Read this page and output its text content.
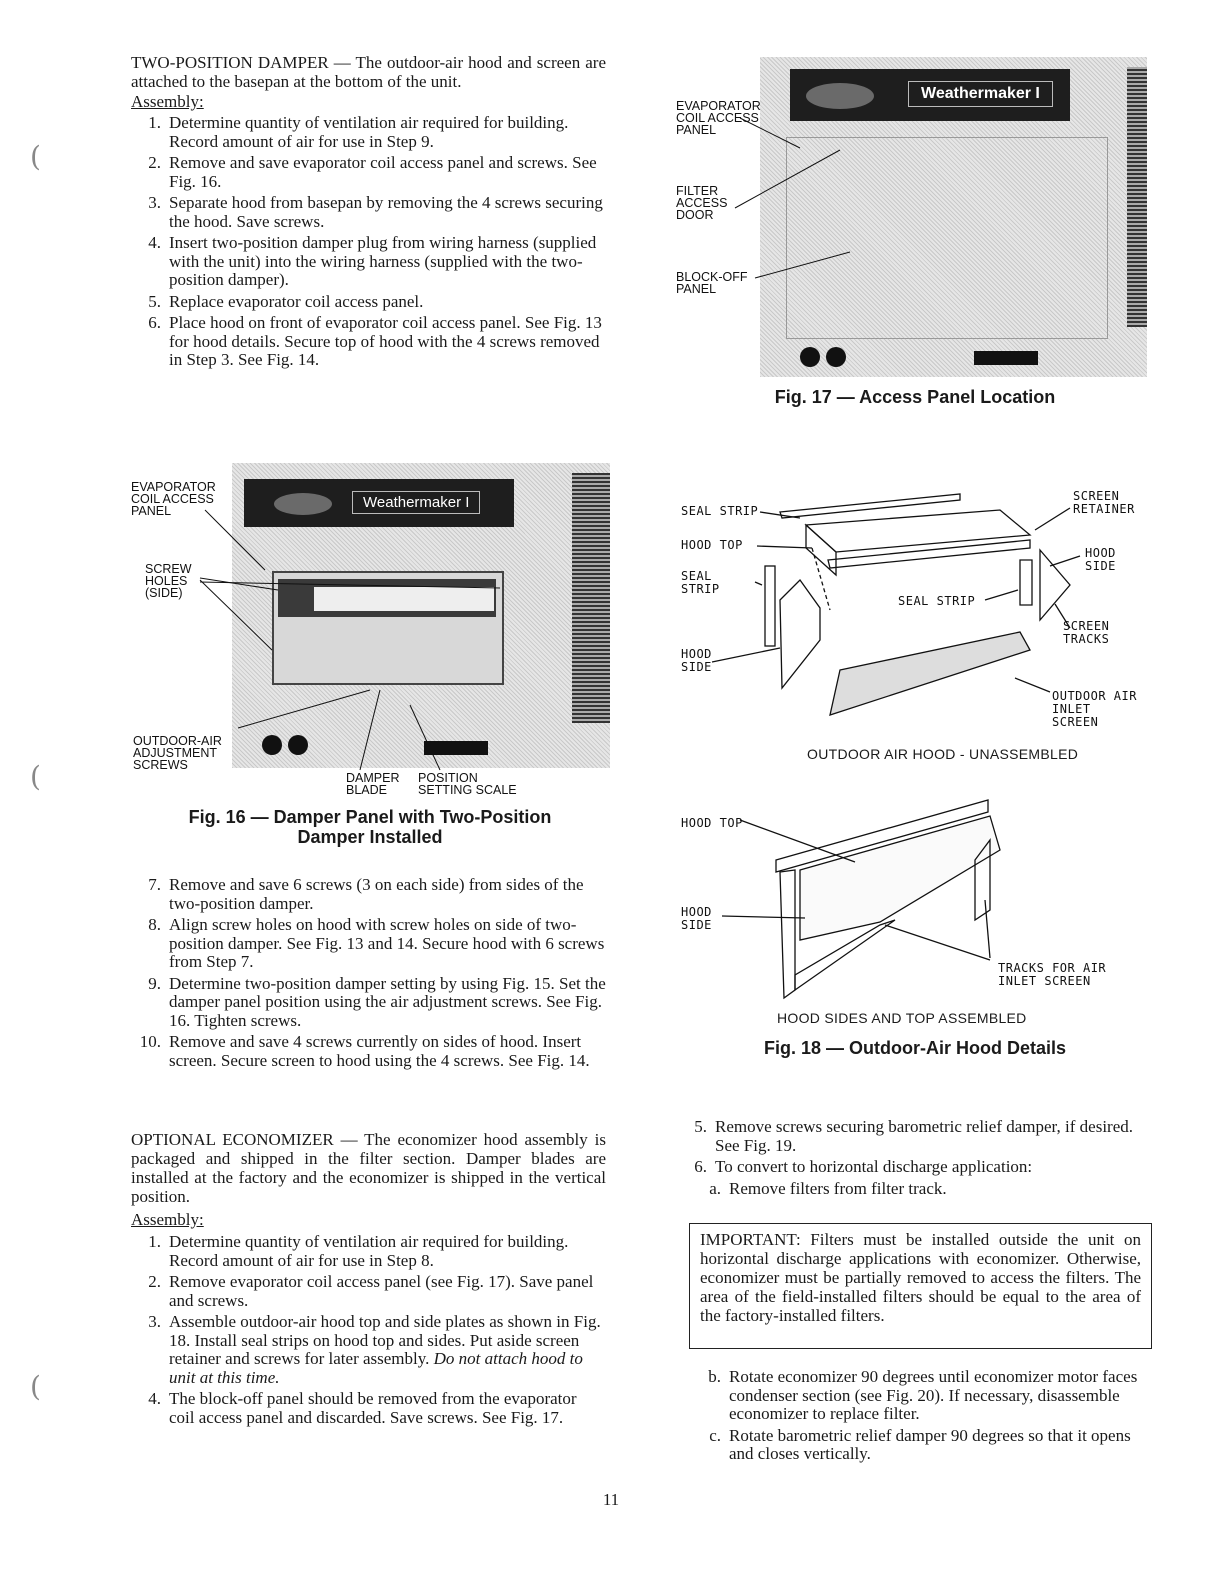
TWO-POSITION DAMPER — The outdoor-air hood and screen are attached to the basepan at the bottom of the unit.

Assembly:
1. Determine quantity of ventilation air required for building. Record amount of air for use in Step 9.
2. Remove and save evaporator coil access panel and screws. See Fig. 16.
3. Separate hood from basepan by removing the 4 screws securing the hood. Save screws.
4. Insert two-position damper plug from wiring harness (supplied with the unit) into the wiring harness (supplied with the two-position damper).
5. Replace evaporator coil access panel.
6. Place hood on front of evaporator coil access panel. See Fig. 13 for hood details. Secure top of hood with the 4 screws removed in Step 3. See Fig. 14.
Weathermaker I
EVAPORATOR
COIL ACCESS
PANEL
SCREW
HOLES
(SIDE)
OUTDOOR-AIR
ADJUSTMENT
SCREWS
DAMPER
BLADE
POSITION
SETTING SCALE
Fig. 16 — Damper Panel with Two-Position Damper Installed
7. Remove and save 6 screws (3 on each side) from sides of the two-position damper.
8. Align screw holes on hood with screw holes on side of two-position damper. See Fig. 13 and 14. Secure hood with 6 screws from Step 7.
9. Determine two-position damper setting by using Fig. 15. Set the damper panel position using the air adjustment screws. See Fig. 16. Tighten screws.
10. Remove and save 4 screws currently on sides of hood. Insert screen. Secure screen to hood using the 4 screws. See Fig. 14.

OPTIONAL ECONOMIZER — The economizer hood assembly is packaged and shipped in the filter section. Damper blades are installed at the factory and the economizer is shipped in the vertical position.

Assembly:
1. Determine quantity of ventilation air required for building. Record amount of air for use in Step 8.
2. Remove evaporator coil access panel (see Fig. 17). Save panel and screws.
3. Assemble outdoor-air hood top and side plates as shown in Fig. 18. Install seal strips on hood top and sides. Put aside screen retainer and screws for later assembly. Do not attach hood to unit at this time.
4. The block-off panel should be removed from the evaporator coil access panel and discarded. Save screws. See Fig. 17.
Weathermaker I
EVAPORATOR
COIL ACCESS
PANEL
FILTER
ACCESS
DOOR
BLOCK-OFF
PANEL
Fig. 17 — Access Panel Location
SEAL STRIP
HOOD TOP
SEAL
STRIP
HOOD
SIDE
SCREEN
RETAINER
HOOD
SIDE
SEAL STRIP
SCREEN
TRACKS
OUTDOOR AIR
INLET
SCREEN
OUTDOOR AIR HOOD - UNASSEMBLED
HOOD TOP
HOOD
SIDE
TRACKS FOR AIR
INLET SCREEN
HOOD SIDES AND TOP ASSEMBLED
Fig. 18 — Outdoor-Air Hood Details
5. Remove screws securing barometric relief damper, if desired. See Fig. 19.
6. To convert to horizontal discharge application:
a. Remove filters from filter track.

IMPORTANT: Filters must be installed outside the unit on horizontal discharge applications with economizer. Otherwise, economizer must be partially removed to access the filters. The area of the field-installed filters should be equal to the area of the factory-installed filters.

b. Rotate economizer 90 degrees until economizer motor faces condenser section (see Fig. 20). If necessary, disassemble economizer to replace filter.
c. Rotate barometric relief damper 90 degrees so that it opens and closes vertically.
11
(
(
(
